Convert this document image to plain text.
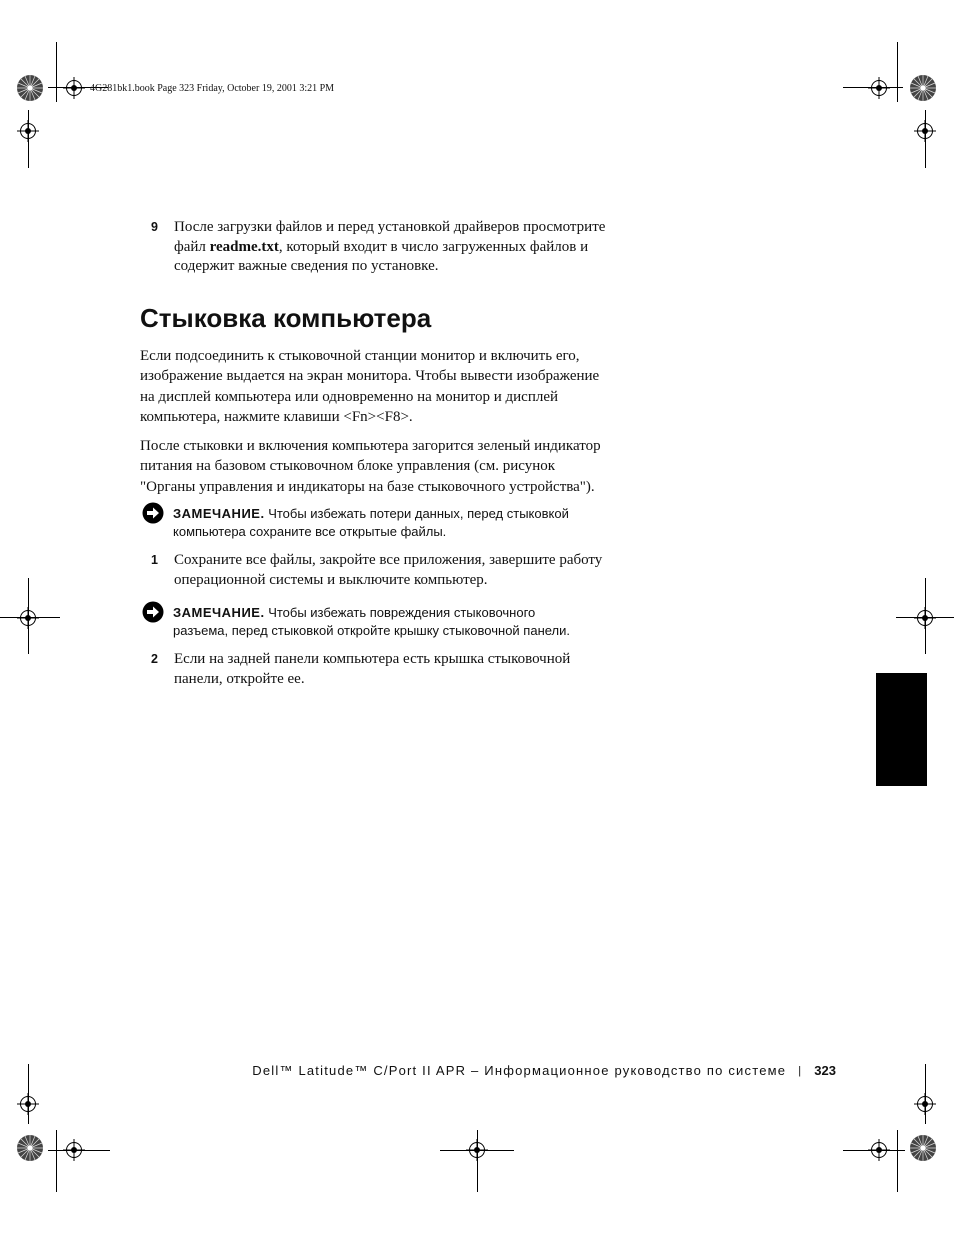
4G281bk1.book Page 323 Friday, October 19, 2001 3:21 PM
9 После загрузки файлов и перед установкой драйверов просмотрите
файл readme.txt, который входит в число загруженных файлов и
содержит важные сведения по установке.
Стыковка компьютера
Если подсоединить к стыковочной станции монитор и включить его,
изображение выдается на экран монитора. Чтобы вывести изображение
на дисплей компьютера или одновременно на монитор и дисплей
компьютера, нажмите клавиши <Fn><F8>.
После стыковки и включения компьютера загорится зеленый индикатор
питания на базовом стыковочном блоке управления (см. рисунок
"Органы управления и индикаторы на базе стыковочного устройства").
ЗАМЕЧАНИЕ. Чтобы избежать потери данных, перед стыковкой
компьютера сохраните все открытые файлы.
1 Сохраните все файлы, закройте все приложения, завершите работу
операционной системы и выключите компьютер.
ЗАМЕЧАНИЕ. Чтобы избежать повреждения стыковочного
разъема, перед стыковкой откройте крышку стыковочной панели.
2 Если на задней панели компьютера есть крышка стыковочной
панели, откройте ее.
Dell™ Latitude™ C/Port II APR – Информационное руководство по системе | 323
